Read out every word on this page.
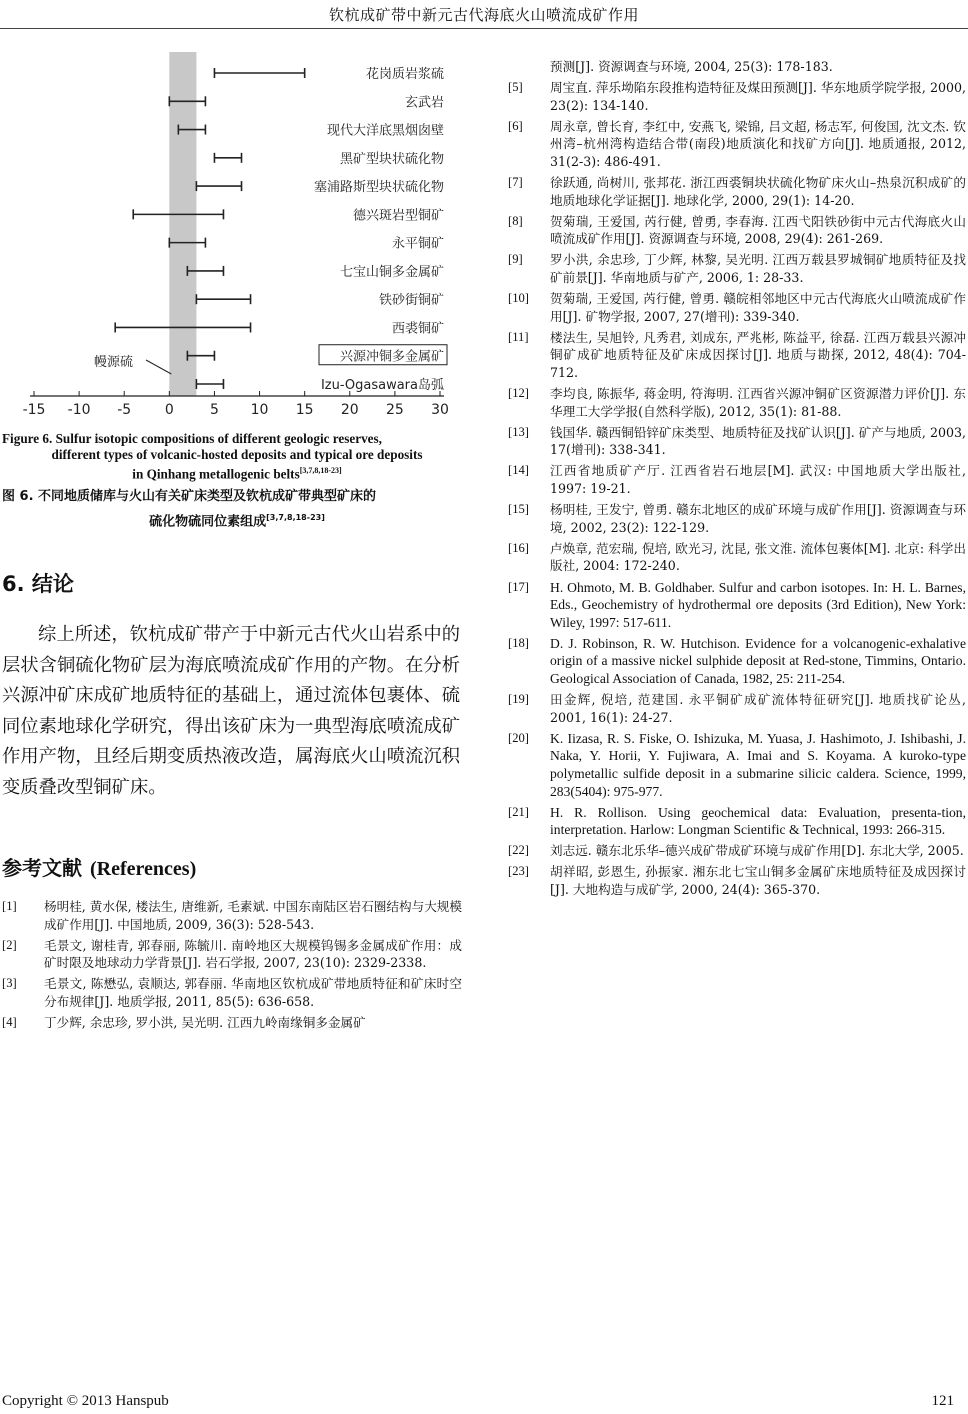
钦杭成矿带中新元古代海底火山喷流成矿作用
-15 -10 -5 0	5 10 15 20 25 30
花岗质岩浆硫
玄武岩
现代大洋底黑烟囱壁
黑矿型块状硫化物
塞浦路斯型块状硫化物
德兴斑岩型铜矿
永平铜矿
七宝山铜多金属矿
铁砂街铜矿
西裘铜矿
兴源冲铜多金属矿
Izu-Ogasawara岛弧
幔源硫
Figure 6. Sulfur isotopic compositions of different geologic reserves,
different types of volcanic-hosted deposits and typical ore deposits
in Qinhang metallogenic belts[3,7,8,18-23]
图 6. 不同地质储库与火山有关矿床类型及钦杭成矿带典型矿床的
硫化物硫同位素组成[3,7,8,18-23]
6. 结论
综上所述，钦杭成矿带产于中新元古代火山岩系中的层状含铜硫化物矿层为海底喷流成矿作用的产物。在分析兴源冲矿床成矿地质特征的基础上，通过流体包裹体、硫同位素地球化学研究，得出该矿床为一典型海底喷流成矿作用产物，且经后期变质热液改造，属海底火山喷流沉积变质叠改型铜矿床。
参考文献 (References)
[1] 杨明桂, 黄水保, 楼法生, 唐维新, 毛素斌. 中国东南陆区岩石圈结构与大规模成矿作用[J]. 中国地质, 2009, 36(3): 528-543.
[2] 毛景文, 谢桂青, 郭春丽, 陈毓川. 南岭地区大规模钨锡多金属成矿作用：成矿时限及地球动力学背景[J]. 岩石学报, 2007, 23(10): 2329-2338.
[3] 毛景文, 陈懋弘, 袁顺达, 郭春丽. 华南地区钦杭成矿带地质特征和矿床时空分布规律[J]. 地质学报, 2011, 85(5): 636-658.
[4] 丁少辉, 余忠珍, 罗小洪, 吴光明. 江西九岭南缘铜多金属矿
预测[J]. 资源调查与环境, 2004, 25(3): 178-183.
[5] 周宝直. 萍乐坳陷东段推构造特征及煤田预测[J]. 华东地质学院学报, 2000, 23(2): 134-140.
[6] 周永章, 曾长育, 李红中, 安燕飞, 梁锦, 吕文超, 杨志军, 何俊国, 沈文杰. 钦州湾–杭州湾构造结合带(南段)地质演化和找矿方向[J]. 地质通报, 2012, 31(2-3): 486-491.
[7] 徐跃通, 尚树川, 张邦花. 浙江西裘铜块状硫化物矿床火山–热泉沉积成矿的地质地球化学证据[J]. 地球化学, 2000, 29(1): 14-20.
[8] 贺菊瑞, 王爱国, 芮行健, 曾勇, 李春海. 江西弋阳铁砂街中元古代海底火山喷流成矿作用[J]. 资源调查与环境, 2008, 29(4): 261-269.
[9] 罗小洪, 余忠珍, 丁少辉, 林黎, 吴光明. 江西万载县罗城铜矿地质特征及找矿前景[J]. 华南地质与矿产, 2006, 1: 28-33.
[10] 贺菊瑞, 王爱国, 芮行健, 曾勇. 赣皖相邻地区中元古代海底火山喷流成矿作用[J]. 矿物学报, 2007, 27(增刊): 339-340.
[11] 楼法生, 吴旭铃, 凡秀君, 刘成东, 严兆彬, 陈益平, 徐磊. 江西万载县兴源冲铜矿成矿地质特征及矿床成因探讨[J]. 地质与勘探, 2012, 48(4): 704-712.
[12] 李均良, 陈振华, 蒋金明, 符海明. 江西省兴源冲铜矿区资源潜力评价[J]. 东华理工大学学报(自然科学版), 2012, 35(1): 81-88.
[13] 钱国华. 赣西铜铅锌矿床类型、地质特征及找矿认识[J]. 矿产与地质, 2003, 17(增刊): 338-341.
[14] 江西省地质矿产厅. 江西省岩石地层[M]. 武汉: 中国地质大学出版社, 1997: 19-21.
[15] 杨明桂, 王发宁, 曾勇. 赣东北地区的成矿环境与成矿作用[J]. 资源调查与环境, 2002, 23(2): 122-129.
[16] 卢焕章, 范宏瑞, 倪培, 欧光习, 沈昆, 张文淮. 流体包裹体[M]. 北京: 科学出版社, 2004: 172-240.
[17] H. Ohmoto, M. B. Goldhaber. Sulfur and carbon isotopes. In: H. L. Barnes, Eds., Geochemistry of hydrothermal ore deposits (3rd Edition), New York: Wiley, 1997: 517-611.
[18] D. J. Robinson, R. W. Hutchison. Evidence for a volcanogenic-exhalative origin of a massive nickel sulphide deposit at Red-stone, Timmins, Ontario. Geological Association of Canada, 1982, 25: 211-254.
[19] 田金辉, 倪培, 范建国. 永平铜矿成矿流体特征研究[J]. 地质找矿论丛, 2001, 16(1): 24-27.
[20] K. Iizasa, R. S. Fiske, O. Ishizuka, M. Yuasa, J. Hashimoto, J. Ishibashi, J. Naka, Y. Horii, Y. Fujiwara, A. Imai and S. Koyama. A kuroko-type polymetallic sulfide deposit in a submarine silicic caldera. Science, 1999, 283(5404): 975-977.
[21] H. R. Rollison. Using geochemical data: Evaluation, presenta-tion, interpretation. Harlow: Longman Scientific & Technical, 1993: 266-315.
[22] 刘志远. 赣东北乐华–德兴成矿带成矿环境与成矿作用[D]. 东北大学, 2005.
[23] 胡祥昭, 彭恩生, 孙振家. 湘东北七宝山铜多金属矿床地质特征及成因探讨[J]. 大地构造与成矿学, 2000, 24(4): 365-370.
Copyright © 2013 Hanspub	121
